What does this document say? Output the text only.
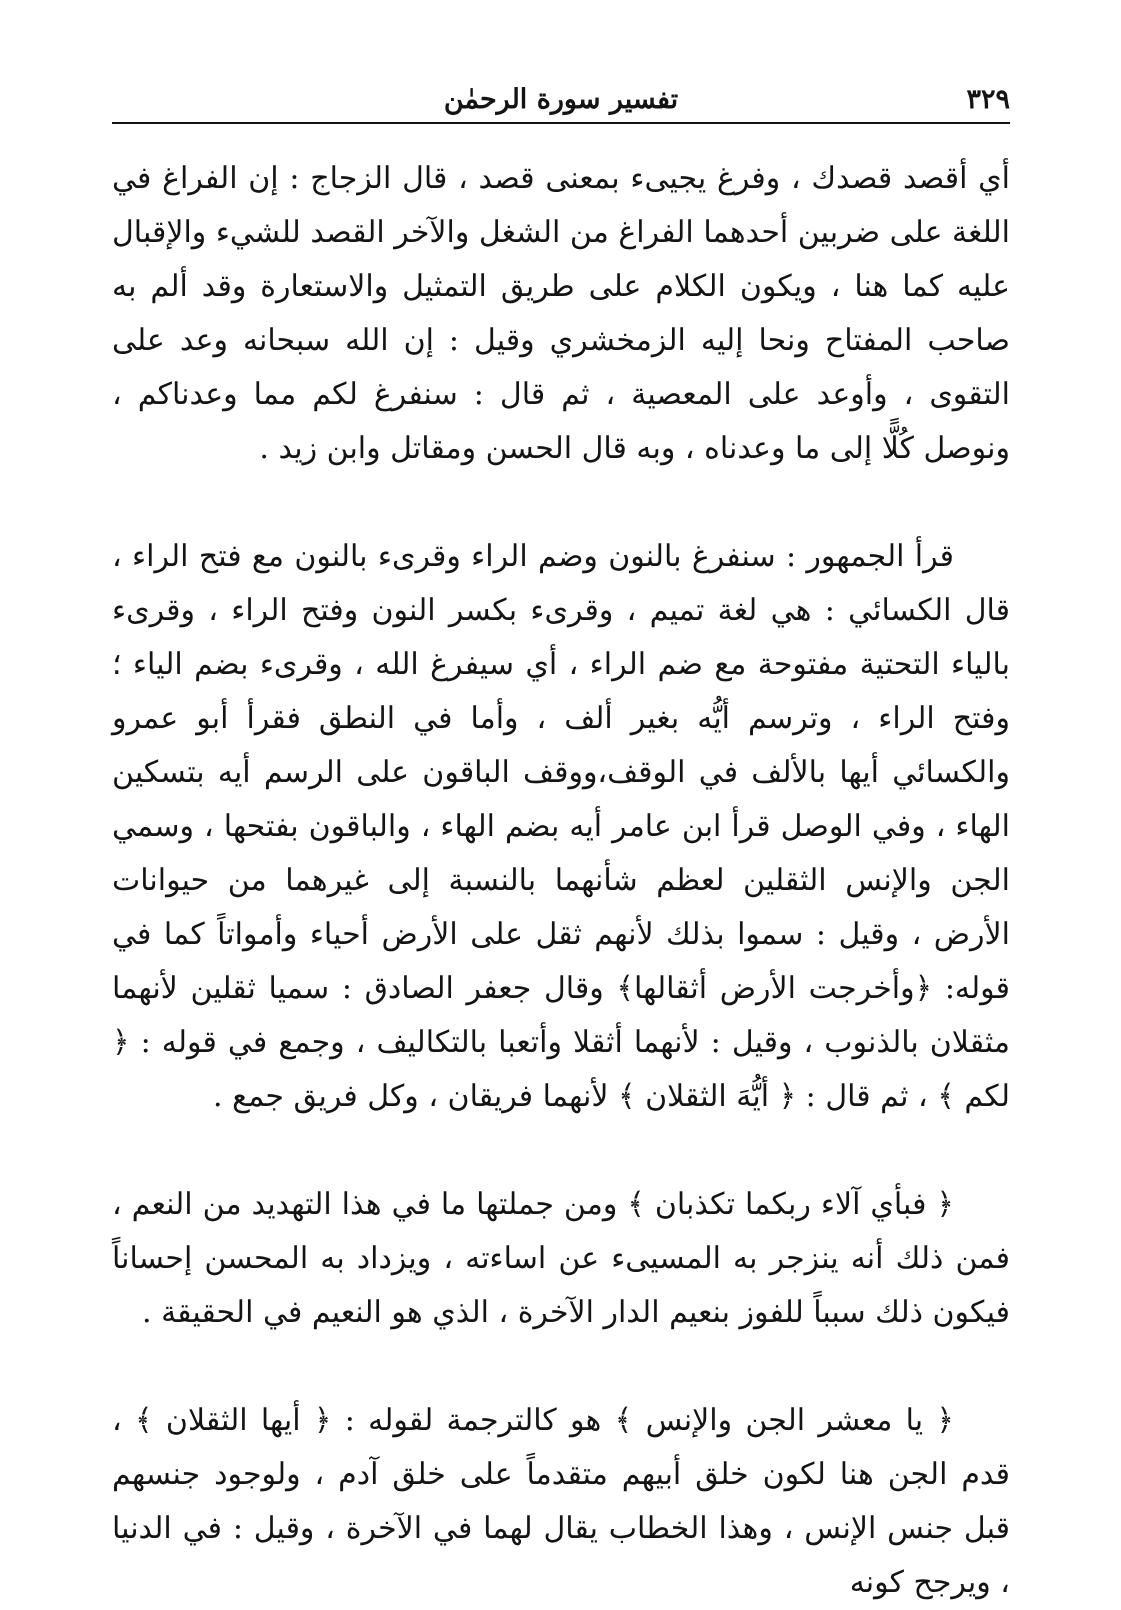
تفسير سورة الرحمٰن	٣٢٩

أي أقصد قصدك ، وفرغ يجيىء بمعنى قصد ، قال الزجاج : إن الفراغ في اللغة على ضربين أحدهما الفراغ من الشغل والآخر القصد للشيء والإقبال عليه كما هنا ، ويكون الكلام على طريق التمثيل والاستعارة وقد ألم به صاحب المفتاح ونحا إليه الزمخشري وقيل : إن الله سبحانه وعد على التقوى ، وأوعد على المعصية ، ثم قال : سنفرغ لكم مما وعدناكم ، ونوصل كُلًّا إلى ما وعدناه ، وبه قال الحسن ومقاتل وابن زيد .

قرأ الجمهور : سنفرغ بالنون وضم الراء وقرىء بالنون مع فتح الراء ، قال الكسائي : هي لغة تميم ، وقرىء بكسر النون وفتح الراء ، وقرىء بالياء التحتية مفتوحة مع ضم الراء ، أي سيفرغ الله ، وقرىء بضم الياء ؛ وفتح الراء ، وترسم أيُّه بغير ألف ، وأما في النطق فقرأ أبو عمرو والكسائي أيها بالألف في الوقف،ووقف الباقون على الرسم أيه بتسكين الهاء ، وفي الوصل قرأ ابن عامر أيه بضم الهاء ، والباقون بفتحها ، وسمي الجن والإنس الثقلين لعظم شأنهما بالنسبة إلى غيرهما من حيوانات الأرض ، وقيل : سموا بذلك لأنهم ثقل على الأرض أحياء وأمواتاً كما في قوله: ﴿وأخرجت الأرض أثقالها﴾ وقال جعفر الصادق : سميا ثقلين لأنهما مثقلان بالذنوب ، وقيل : لأنهما أثقلا وأتعبا بالتكاليف ، وجمع في قوله : ﴿ لكم ﴾ ، ثم قال : ﴿ أيُّهَ الثقلان ﴾ لأنهما فريقان ، وكل فريق جمع .

﴿ فبأي آلاء ربكما تكذبان ﴾ ومن جملتها ما في هذا التهديد من النعم ، فمن ذلك أنه ينزجر به المسيىء عن اساءته ، ويزداد به المحسن إحساناً فيكون ذلك سبباً للفوز بنعيم الدار الآخرة ، الذي هو النعيم في الحقيقة .

﴿ يا معشر الجن والإنس ﴾ هو كالترجمة لقوله : ﴿ أيها الثقلان ﴾ ، قدم الجن هنا لكون خلق أبيهم متقدماً على خلق آدم ، ولوجود جنسهم قبل جنس الإنس ، وهذا الخطاب يقال لهما في الآخرة ، وقيل : في الدنيا ، ويرجح كونه
